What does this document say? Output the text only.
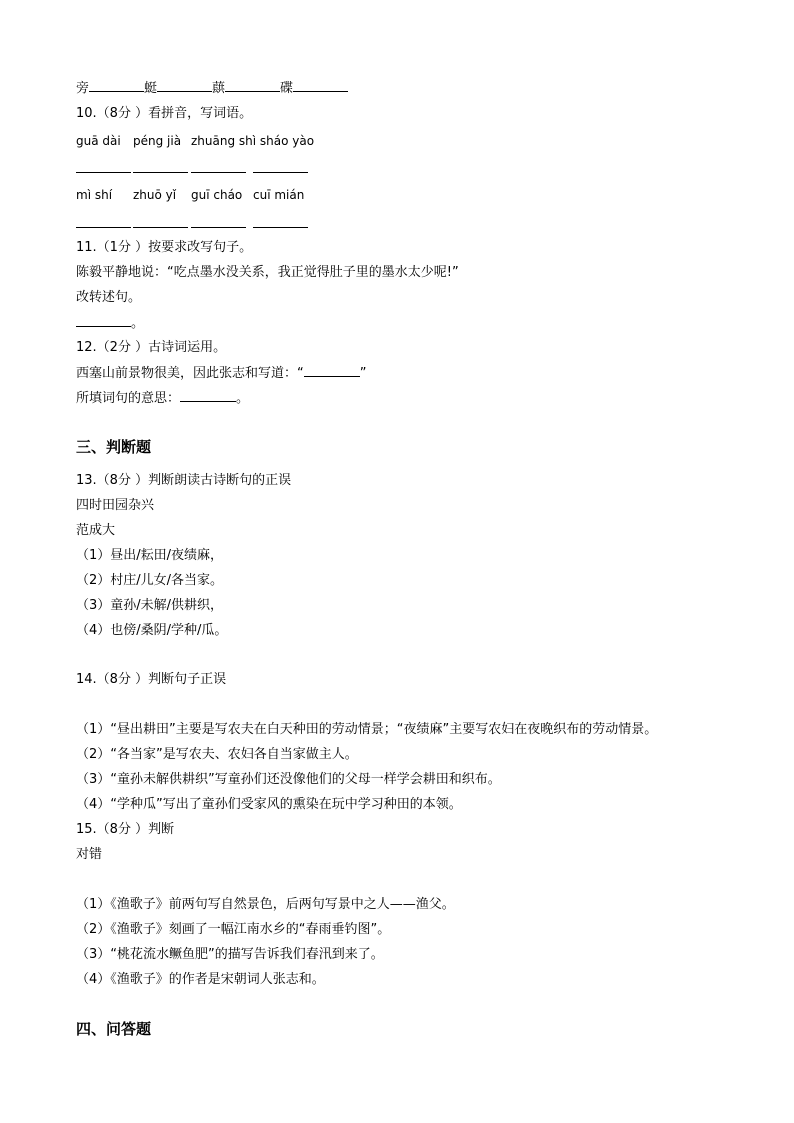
旁	蜓	蕻	碟
10.（8分 ）看拼音，写词语。
guā dài péng jià zhuāng shì sháo yào
mì shí zhuō yǐ guī cháo cuī mián
11.（1分 ）按要求改写句子。
陈毅平静地说：“吃点墨水没关系，我正觉得肚子里的墨水太少呢!”
改转述句。
。
12.（2分 ）古诗词运用。
西塞山前景物很美，因此张志和写道：“	”
所填词句的意思：	。
三、判断题
13.（8分 ）判断朗读古诗断句的正误
四时田园杂兴
范成大
（1）昼出/耘田/夜绩麻，
（2）村庄/儿女/各当家。
（3）童孙/未解/供耕织，
（4）也傍/桑阴/学种/瓜。
14.（8分 ）判断句子正误
（1）“昼出耕田”主要是写农夫在白天种田的劳动情景；“夜绩麻”主要写农妇在夜晚织布的劳动情景。
（2）“各当家”是写农夫、农妇各自当家做主人。
（3）“童孙未解供耕织”写童孙们还没像他们的父母一样学会耕田和织布。
（4）“学种瓜”写出了童孙们受家风的熏染在玩中学习种田的本领。
15.（8分 ）判断
对错
（1）《渔歌子》前两句写自然景色，后两句写景中之人——渔父。
（2）《渔歌子》刻画了一幅江南水乡的“春雨垂钓图”。
（3）“桃花流水鳜鱼肥”的描写告诉我们春汛到来了。
（4）《渔歌子》的作者是宋朝词人张志和。
四、问答题
